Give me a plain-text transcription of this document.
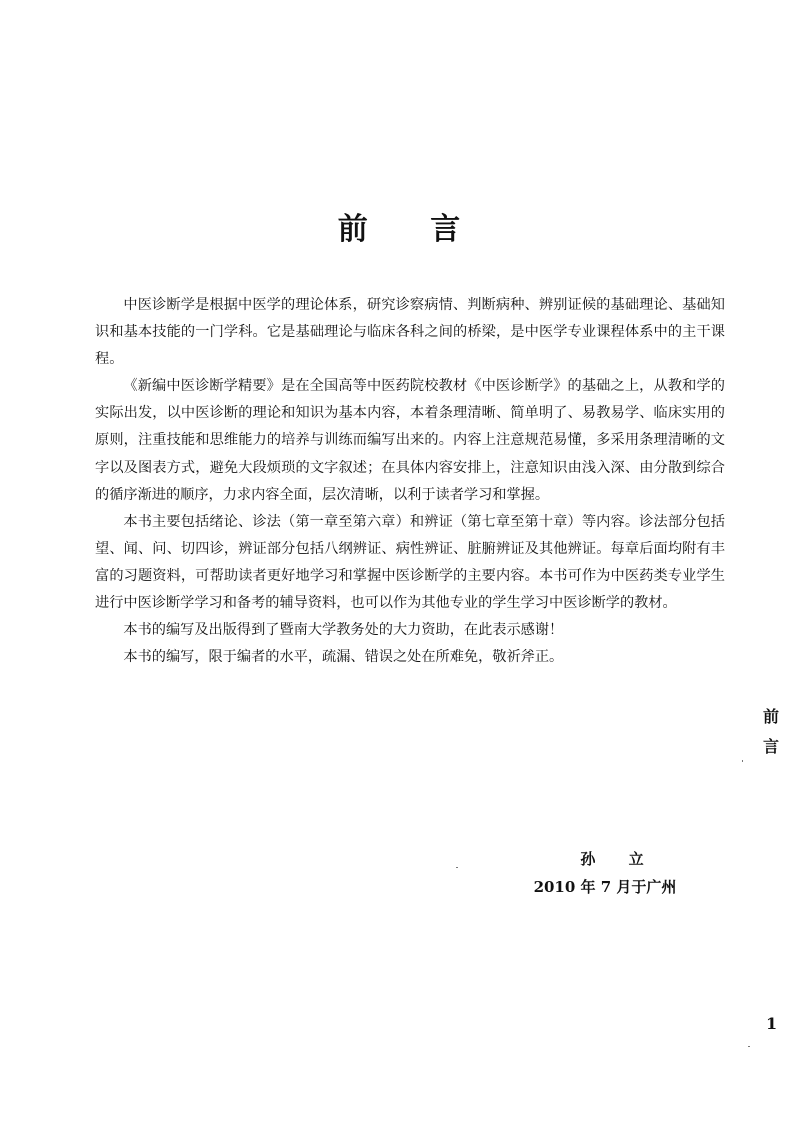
前 言

中医诊断学是根据中医学的理论体系，研究诊察病情、判断病种、辨别证候的基础理论、基础知识和基本技能的一门学科。它是基础理论与临床各科之间的桥梁，是中医学专业课程体系中的主干课程。

《新编中医诊断学精要》是在全国高等中医药院校教材《中医诊断学》的基础之上，从教和学的实际出发，以中医诊断的理论和知识为基本内容，本着条理清晰、简单明了、易教易学、临床实用的原则，注重技能和思维能力的培养与训练而编写出来的。内容上注意规范易懂，多采用条理清晰的文字以及图表方式，避免大段烦琐的文字叙述；在具体内容安排上，注意知识由浅入深、由分散到综合的循序渐进的顺序，力求内容全面，层次清晰，以利于读者学习和掌握。

本书主要包括绪论、诊法（第一章至第六章）和辨证（第七章至第十章）等内容。诊法部分包括望、闻、问、切四诊，辨证部分包括八纲辨证、病性辨证、脏腑辨证及其他辨证。每章后面均附有丰富的习题资料，可帮助读者更好地学习和掌握中医诊断学的主要内容。本书可作为中医药类专业学生进行中医诊断学学习和备考的辅导资料，也可以作为其他专业的学生学习中医诊断学的教材。

本书的编写及出版得到了暨南大学教务处的大力资助，在此表示感谢！

本书的编写，限于编者的水平，疏漏、错误之处在所难免，敬祈斧正。

孙 立
2010 年 7 月于广州
前
言
1
